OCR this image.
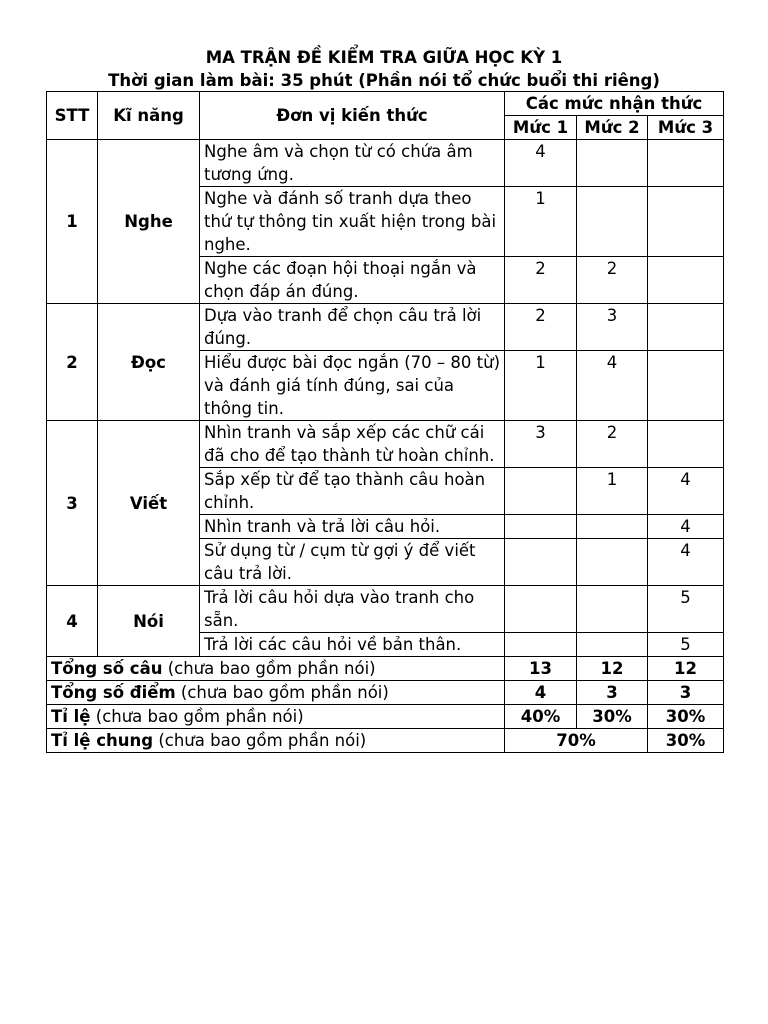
MA TRẬN ĐỀ KIỂM TRA GIỮA HỌC KỲ 1
Thời gian làm bài: 35 phút (Phần nói tổ chức buổi thi riêng)
STT	Kĩ năng	Đơn vị kiến thức	Các mức nhận thức		
			Mức 1	Mức 2	Mức 3
1	Nghe	Nghe âm và chọn từ có chứa âm tương ứng.	4		
		Nghe và đánh số tranh dựa theo thứ tự thông tin xuất hiện trong bài nghe.	1		
		Nghe các đoạn hội thoại ngắn và chọn đáp án đúng.	2	2	
2	Đọc	Dựa vào tranh để chọn câu trả lời đúng.	2	3	
		Hiểu được bài đọc ngắn (70 – 80 từ) và đánh giá tính đúng, sai của thông tin.	1	4	
3	Viết	Nhìn tranh và sắp xếp các chữ cái đã cho để tạo thành từ hoàn chỉnh.	3	2	
		Sắp xếp từ để tạo thành câu hoàn chỉnh.		1	4
		Nhìn tranh và trả lời câu hỏi.			4
		Sử dụng từ / cụm từ gợi ý để viết câu trả lời.			4
4	Nói	Trả lời câu hỏi dựa vào tranh cho sẵn.			5
		Trả lời các câu hỏi về bản thân.			5
Tổng số câu (chưa bao gồm phần nói)			13	12	12
Tổng số điểm (chưa bao gồm phần nói)			4	3	3
Tỉ lệ (chưa bao gồm phần nói)			40%	30%	30%
Tỉ lệ chung (chưa bao gồm phần nói)			70%		30%
